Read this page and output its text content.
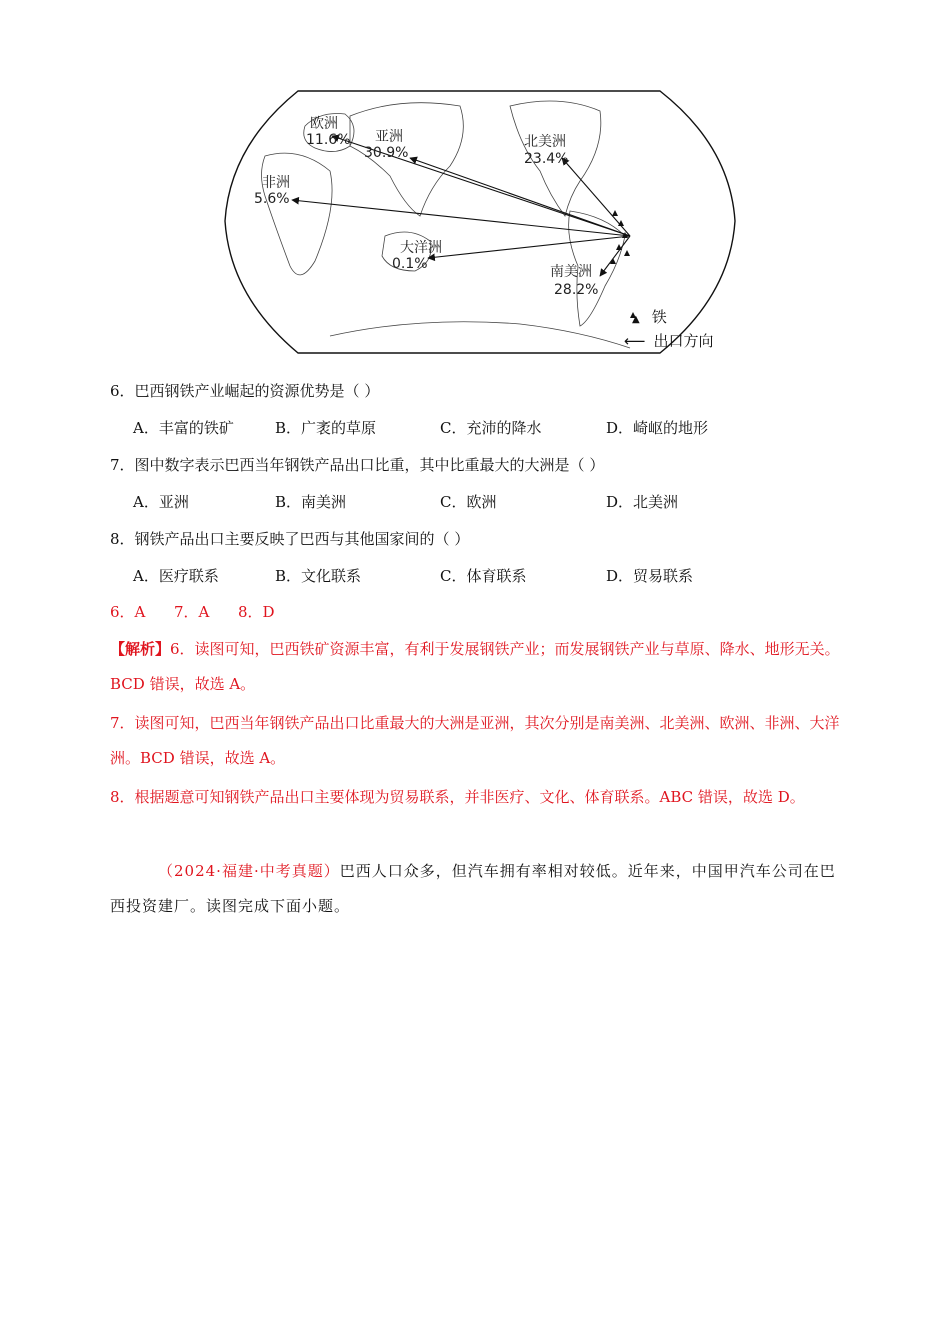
欧洲
11.6% 亚洲
30.9%
北美洲
23.4%
非洲
5.6%
大洋洲
0.1%	南美洲
28.2%
▲ 铁
⟵ 出口方向
6．巴西钢铁产业崛起的资源优势是（ ）
A．丰富的铁矿	B．广袤的草原	C．充沛的降水	D．崎岖的地形
7．图中数字表示巴西当年钢铁产品出口比重，其中比重最大的大洲是（ ）
A．亚洲	B．南美洲	C．欧洲	D．北美洲
8．钢铁产品出口主要反映了巴西与其他国家间的（ ）
A．医疗联系	B．文化联系	C．体育联系	D．贸易联系
6．A      7．A      8．D
【解析】6．读图可知，巴西铁矿资源丰富，有利于发展钢铁产业；而发展钢铁产业与草原、降水、地形无关。BCD 错误，故选 A。
7．读图可知，巴西当年钢铁产品出口比重最大的大洲是亚洲，其次分别是南美洲、北美洲、欧洲、非洲、大洋洲。BCD 错误，故选 A。
8．根据题意可知钢铁产品出口主要体现为贸易联系，并非医疗、文化、体育联系。ABC 错误，故选 D。
（2024·福建·中考真题）巴西人口众多，但汽车拥有率相对较低。近年来，中国甲汽车公司在巴西投资建厂。读图完成下面小题。
